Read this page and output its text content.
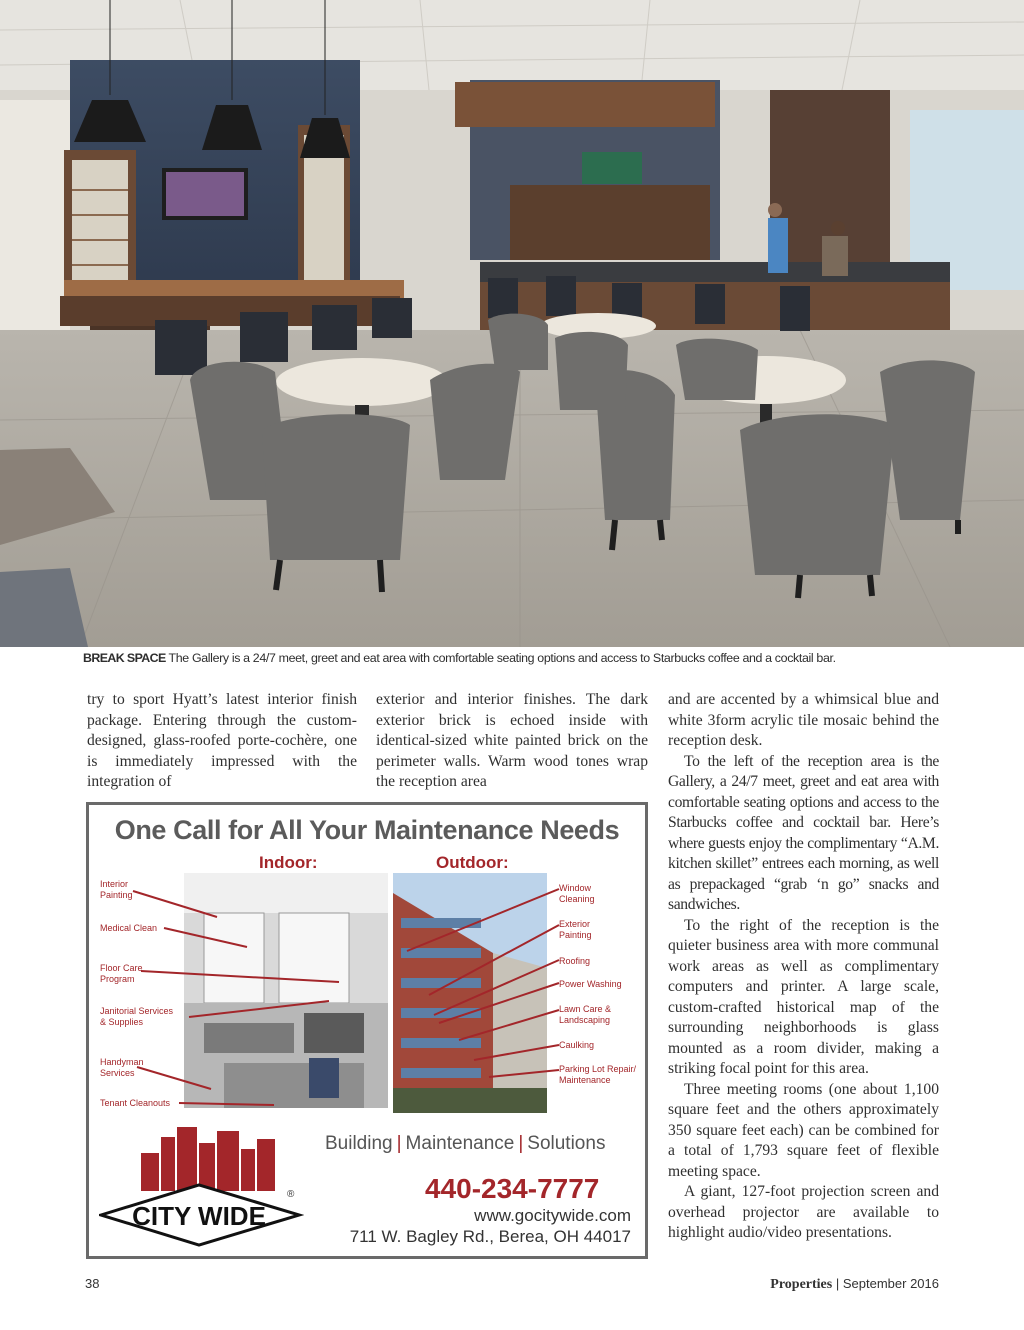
BREAK SPACE The Gallery is a 24/7 meet, greet and eat area with comfortable seating options and access to Starbucks coffee and a cocktail bar.

try to sport Hyatt’s latest interior finish package. Entering through the custom-designed, glass-roofed porte-cochère, one is immediately impressed with the integration of

exterior and interior finishes. The dark exterior brick is echoed inside with identical-sized white painted brick on the perimeter walls. Warm wood tones wrap the reception area

and are accented by a whimsical blue and white 3form acrylic tile mosaic behind the reception desk.

To the left of the reception area is the Gallery, a 24/7 meet, greet and eat area with comfortable seating options and access to the Starbucks coffee and cocktail bar. Here’s where guests enjoy the complimentary “A.M. kitchen skillet” entrees each morning, as well as prepackaged “grab ‘n go” snacks and sandwiches.

To the right of the reception is the quieter business area with more communal work areas as well as complimentary computers and printer. A large scale, custom-crafted historical map of the surrounding neighborhoods is glass mounted as a room divider, making a striking focal point for this area.

Three meeting rooms (one about 1,100 square feet and the others approximately 350 square feet each) can be combined for a total of 1,793 square feet of flexible meeting space.

A giant, 127-foot projection screen and overhead projector are available to highlight audio/video presentations.

One Call for All Your Maintenance Needs
Indoor:	Outdoor:
Interior
Painting
Medical Clean
Floor Care
Program
Janitorial Services
& Supplies
Handyman
Services
Tenant Cleanouts
Window
Cleaning
Exterior
Painting
Roofing
Power Washing
Lawn Care &
Landscaping
Caulking
Parking Lot Repair/
Maintenance
CITY WIDE
®
Building | Maintenance | Solutions
440-234-7777
www.gocitywide.com
711 W. Bagley Rd., Berea, OH 44017
38	Properties | September 2016
